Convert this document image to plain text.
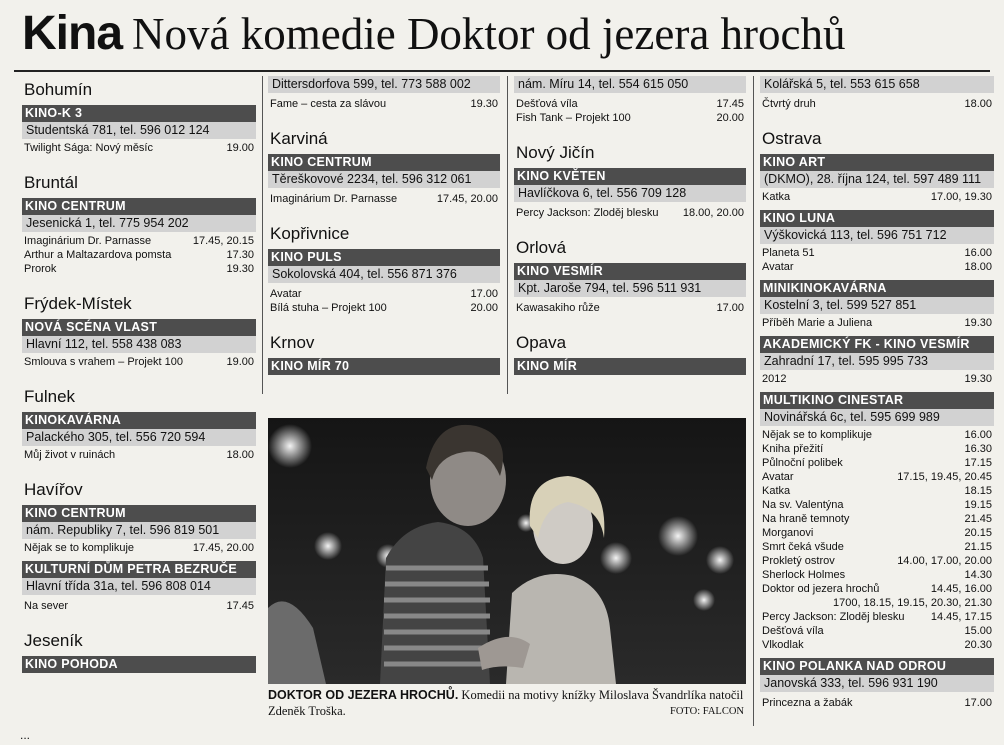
Kina Nová komedie Doktor od jezera hrochů
Bohumín
KINO-K 3
Studentská 781, tel. 596 012 124
Twilight Sága: Nový měsíc	19.00
Bruntál
KINO CENTRUM
Jesenická 1, tel. 775 954 202
Imaginárium Dr. Parnasse	17.45, 20.15
Arthur a Maltazardova pomsta	17.30
Prorok	19.30
Frýdek-Místek
NOVÁ SCÉNA VLAST
Hlavní 112, tel. 558 438 083
Smlouva s vrahem – Projekt 100	19.00
Fulnek
KINOKAVÁRNA
Palackého 305, tel. 556 720 594
Můj život v ruinách	18.00
Havířov
KINO CENTRUM
nám. Republiky 7, tel. 596 819 501
Nějak se to komplikuje	17.45, 20.00
KULTURNÍ DŮM PETRA BEZRUČE
Hlavní třída 31a, tel. 596 808 014
Na sever	17.45
Jeseník
KINO POHODA
...
Dittersdorfova 599, tel. 773 588 002
Fame – cesta za slávou	19.30
Karviná
KINO CENTRUM
Těreškovové 2234, tel. 596 312 061
Imaginárium Dr. Parnasse	17.45, 20.00
Kopřivnice
KINO PULS
Sokolovská 404, tel. 556 871 376
Avatar	17.00
Bílá stuha – Projekt 100	20.00
Krnov
KINO MÍR 70
nám. Míru 14, tel. 554 615 050
Dešťová víla	17.45
Fish Tank – Projekt 100	20.00
Nový Jičín
KINO KVĚTEN
Havlíčkova 6, tel. 556 709 128
Percy Jackson: Zloděj blesku 18.00, 20.00
Orlová
KINO VESMÍR
Kpt. Jaroše 794, tel. 596 511 931
Kawasakiho růže	17.00
Opava
KINO MÍR
Kolářská 5, tel. 553 615 658
Čtvrtý druh	18.00
Ostrava
KINO ART
(DKMO), 28. října 124, tel. 597 489 111
Katka	17.00, 19.30
KINO LUNA
Výškovická 113, tel. 596 751 712
Planeta 51	16.00
Avatar	18.00
MINIKINOKAVÁRNA
Kostelní 3, tel. 599 527 851
Příběh Marie a Juliena	19.30
AKADEMICKÝ FK - KINO VESMÍR
Zahradní 17, tel. 595 995 733
2012	19.30
MULTIKINO CINESTAR
Novinářská 6c, tel. 595 699 989
Nějak se to komplikuje	16.00
Kniha přežití	16.30
Půlnoční polibek	17.15
Avatar	17.15, 19.45, 20.45
Katka	18.15
Na sv. Valentýna	19.15
Na hraně temnoty	21.45
Morganovi	20.15
Smrt čeká všude	21.15
Prokletý ostrov	14.00, 17.00, 20.00
Sherlock Holmes	14.30
Doktor od jezera hrochů	14.45, 16.00
1700, 18.15, 19.15, 20.30, 21.30
Percy Jackson: Zloděj blesku 14.45, 17.15
Dešťová víla	15.00
Vlkodlak	20.30
KINO POLANKA NAD ODROU
Janovská 333, tel. 596 931 190
Princezna a žabák	17.00
DOKTOR OD JEZERA HROCHŮ. Komedii na motivy knížky Miloslava Švandrlíka natočil Zdeněk Troška.	FOTO: FALCON
